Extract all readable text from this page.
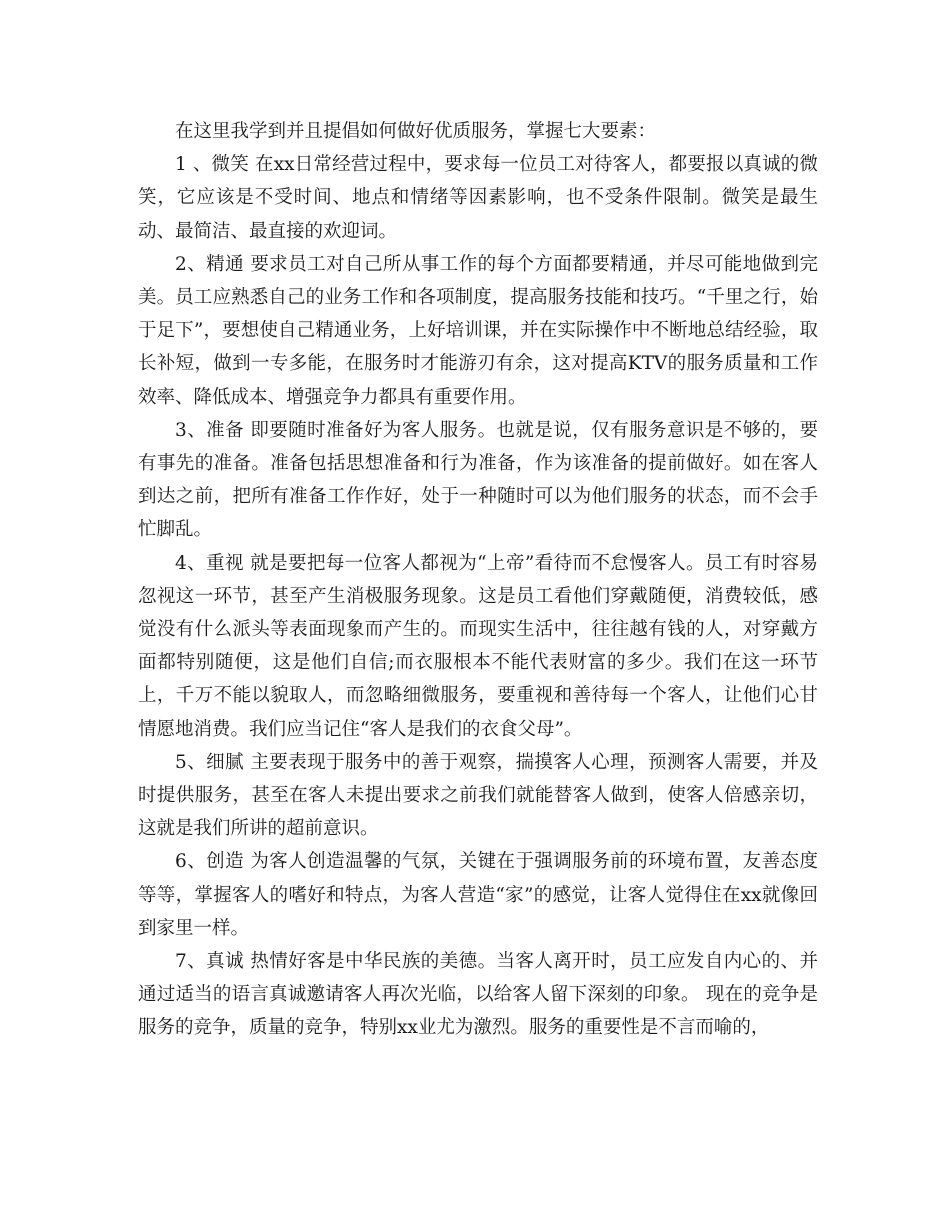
在这里我学到并且提倡如何做好优质服务，掌握七大要素：

1 、微笑 在xx日常经营过程中，要求每一位员工对待客人，都要报以真诚的微笑，它应该是不受时间、地点和情绪等因素影响，也不受条件限制。微笑是最生动、最简洁、最直接的欢迎词。

2、精通 要求员工对自己所从事工作的每个方面都要精通，并尽可能地做到完美。员工应熟悉自己的业务工作和各项制度，提高服务技能和技巧。“千里之行，始于足下”，要想使自己精通业务，上好培训课，并在实际操作中不断地总结经验，取长补短，做到一专多能，在服务时才能游刃有余，这对提高KTV的服务质量和工作效率、降低成本、增强竞争力都具有重要作用。

3、准备 即要随时准备好为客人服务。也就是说，仅有服务意识是不够的，要有事先的准备。准备包括思想准备和行为准备，作为该准备的提前做好。如在客人到达之前，把所有准备工作作好，处于一种随时可以为他们服务的状态，而不会手忙脚乱。

4、重视 就是要把每一位客人都视为“上帝”看待而不怠慢客人。员工有时容易忽视这一环节，甚至产生消极服务现象。这是员工看他们穿戴随便，消费较低，感觉没有什么派头等表面现象而产生的。而现实生活中，往往越有钱的人，对穿戴方面都特别随便，这是他们自信;而衣服根本不能代表财富的多少。我们在这一环节上，千万不能以貌取人，而忽略细微服务，要重视和善待每一个客人，让他们心甘情愿地消费。我们应当记住“客人是我们的衣食父母”。

5、细腻 主要表现于服务中的善于观察，揣摸客人心理，预测客人需要，并及时提供服务，甚至在客人未提出要求之前我们就能替客人做到，使客人倍感亲切，这就是我们所讲的超前意识。

6、创造 为客人创造温馨的气氛，关键在于强调服务前的环境布置，友善态度等等，掌握客人的嗜好和特点，为客人营造“家”的感觉，让客人觉得住在xx就像回到家里一样。

7、真诚 热情好客是中华民族的美德。当客人离开时，员工应发自内心的、并通过适当的语言真诚邀请客人再次光临，以给客人留下深刻的印象。 现在的竞争是服务的竞争，质量的竞争，特别xx业尤为激烈。服务的重要性是不言而喻的，
